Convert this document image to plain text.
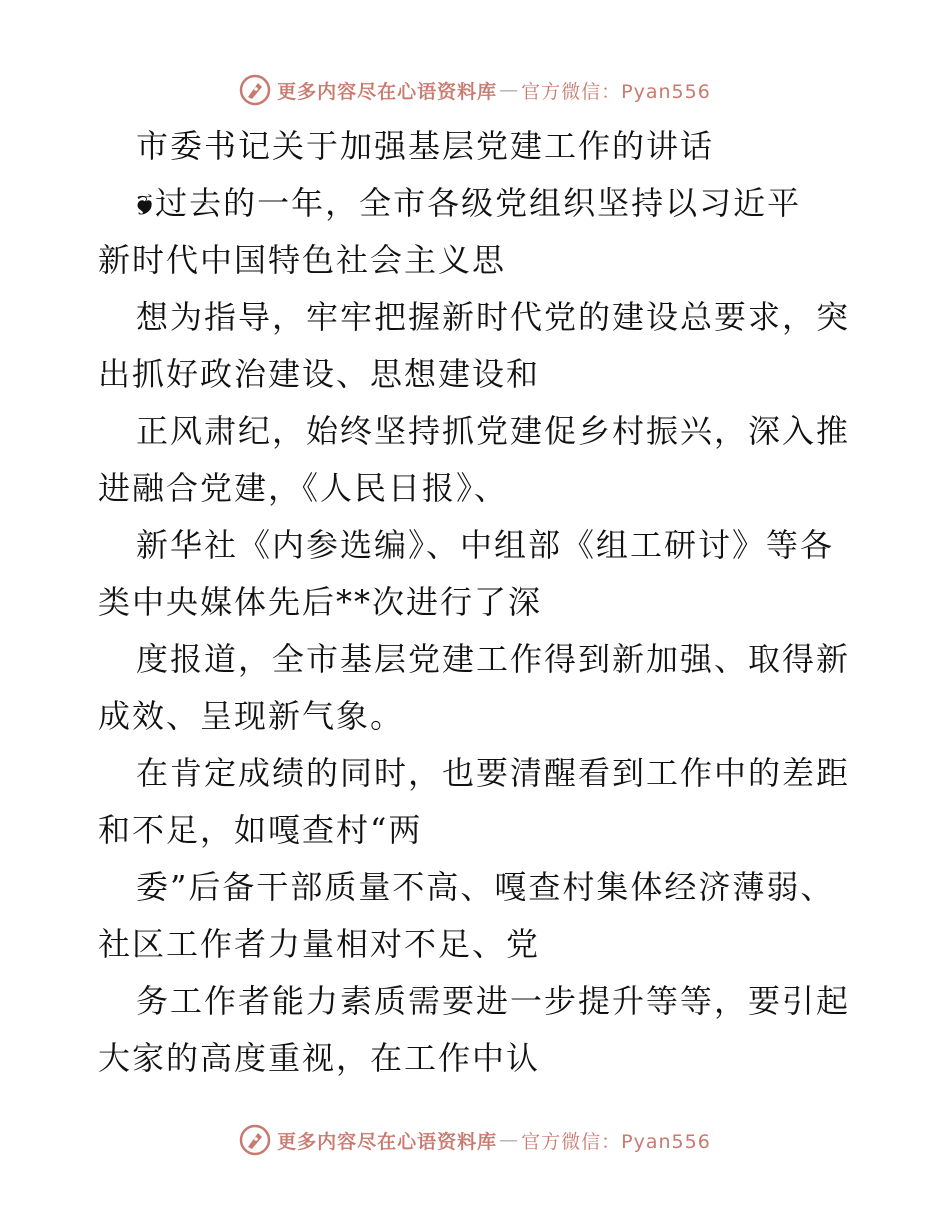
更多内容尽在心语资料库 — 官方微信：Pyan556
市委书记关于加强基层党建工作的讲话
🙘过去的一年，全市各级党组织坚持以习近平
新时代中国特色社会主义思
想为指导，牢牢把握新时代党的建设总要求，突
出抓好政治建设、思想建设和
正风肃纪，始终坚持抓党建促乡村振兴，深入推
进融合党建，《人民日报》、
新华社《内参选编》、中组部《组工研讨》等各
类中央媒体先后**次进行了深
度报道，全市基层党建工作得到新加强、取得新
成效、呈现新气象。
在肯定成绩的同时，也要清醒看到工作中的差距
和不足，如嘎查村“两
委”后备干部质量不高、嘎查村集体经济薄弱、
社区工作者力量相对不足、党
务工作者能力素质需要进一步提升等等，要引起
大家的高度重视，在工作中认
更多内容尽在心语资料库 — 官方微信：Pyan556
